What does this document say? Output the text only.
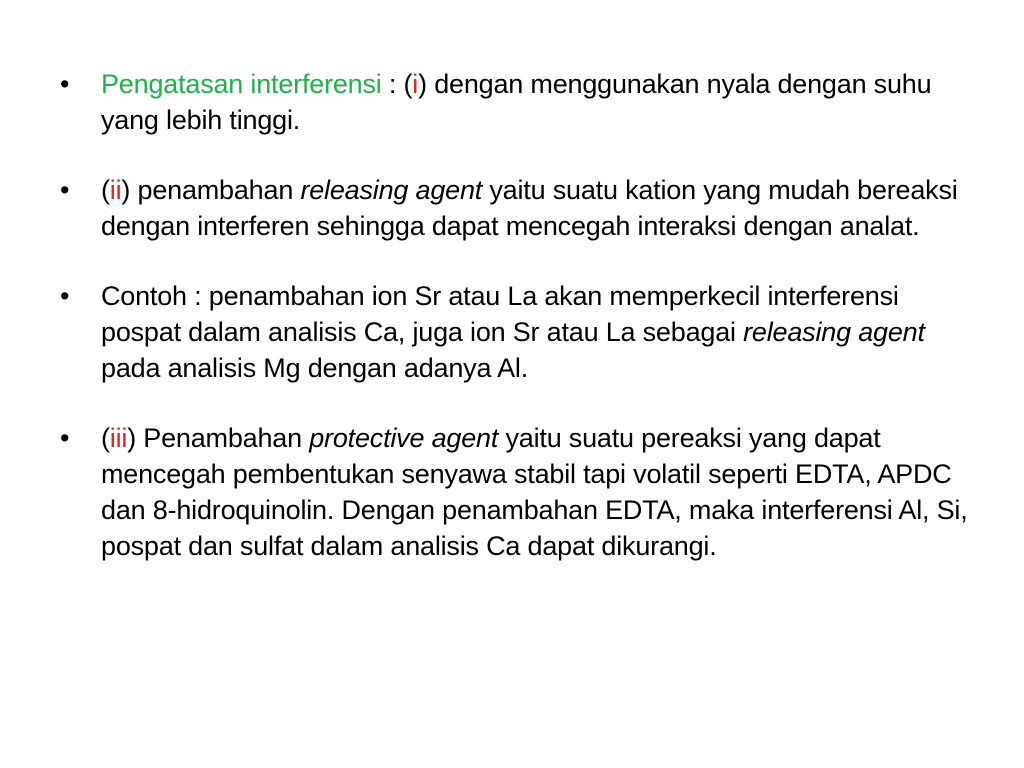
•	Pengatasan interferensi : (i) dengan menggunakan nyala dengan suhu yang lebih tinggi.
•	(ii) penambahan releasing agent yaitu suatu kation yang mudah bereaksi dengan interferen sehingga dapat mencegah interaksi dengan analat.
•	Contoh : penambahan ion Sr atau La akan memperkecil interferensi pospat dalam analisis Ca, juga ion Sr atau La sebagai releasing agent pada analisis Mg dengan adanya Al.
•	(iii) Penambahan protective agent yaitu suatu pereaksi yang dapat mencegah pembentukan senyawa stabil tapi volatil seperti EDTA, APDC dan 8-hidroquinolin. Dengan penambahan EDTA, maka interferensi Al, Si, pospat dan sulfat dalam analisis Ca dapat dikurangi.
